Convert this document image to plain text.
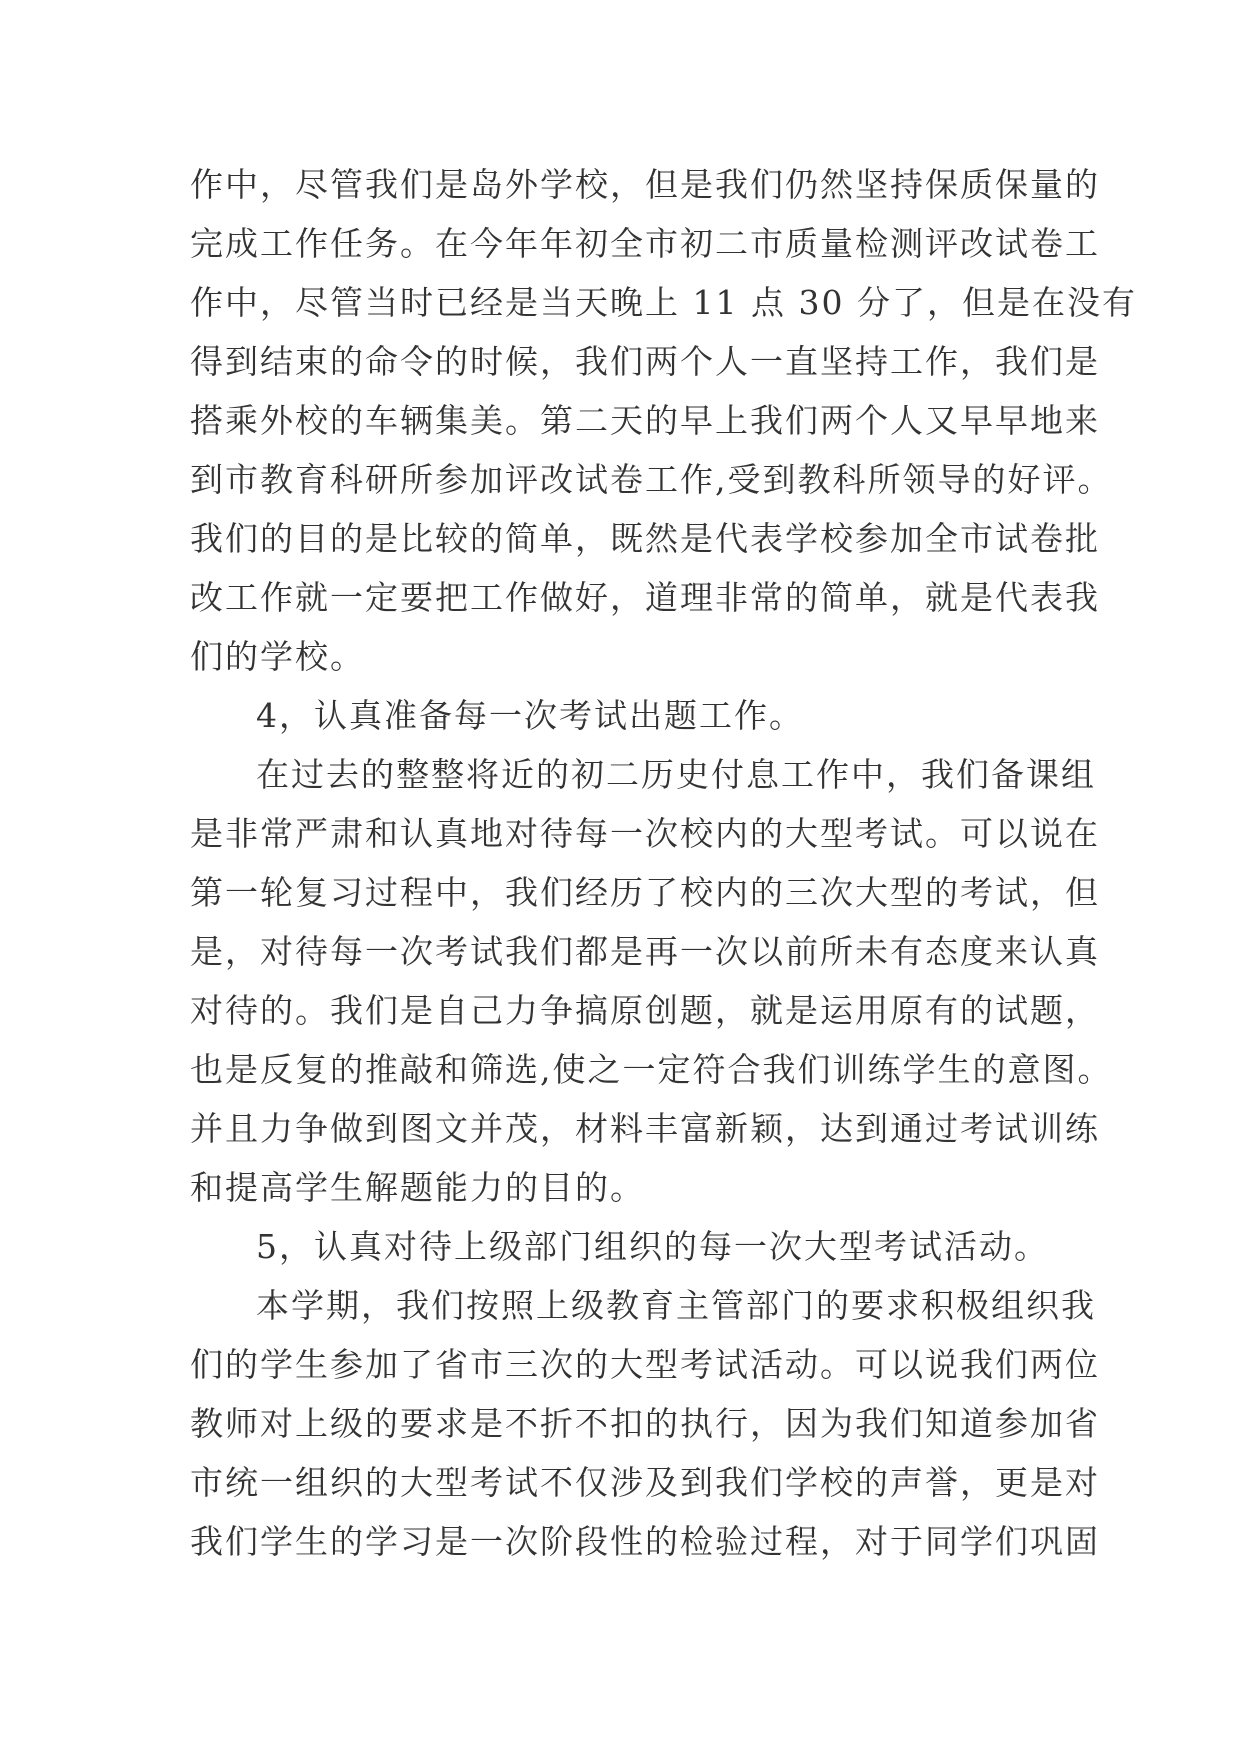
作中，尽管我们是岛外学校，但是我们仍然坚持保质保量的
完成工作任务。在今年年初全市初二市质量检测评改试卷工
作中，尽管当时已经是当天晚上 11 点 30 分了，但是在没有
得到结束的命令的时候，我们两个人一直坚持工作，我们是
搭乘外校的车辆集美。第二天的早上我们两个人又早早地来
到市教育科研所参加评改试卷工作,受到教科所领导的好评。
我们的目的是比较的简单，既然是代表学校参加全市试卷批
改工作就一定要把工作做好，道理非常的简单，就是代表我
们的学校。
4，认真准备每一次考试出题工作。
在过去的整整将近的初二历史付息工作中，我们备课组
是非常严肃和认真地对待每一次校内的大型考试。可以说在
第一轮复习过程中，我们经历了校内的三次大型的考试，但
是，对待每一次考试我们都是再一次以前所未有态度来认真
对待的。我们是自己力争搞原创题，就是运用原有的试题，
也是反复的推敲和筛选,使之一定符合我们训练学生的意图。
并且力争做到图文并茂，材料丰富新颖，达到通过考试训练
和提高学生解题能力的目的。
5，认真对待上级部门组织的每一次大型考试活动。
本学期，我们按照上级教育主管部门的要求积极组织我
们的学生参加了省市三次的大型考试活动。可以说我们两位
教师对上级的要求是不折不扣的执行，因为我们知道参加省
市统一组织的大型考试不仅涉及到我们学校的声誉，更是对
我们学生的学习是一次阶段性的检验过程，对于同学们巩固
